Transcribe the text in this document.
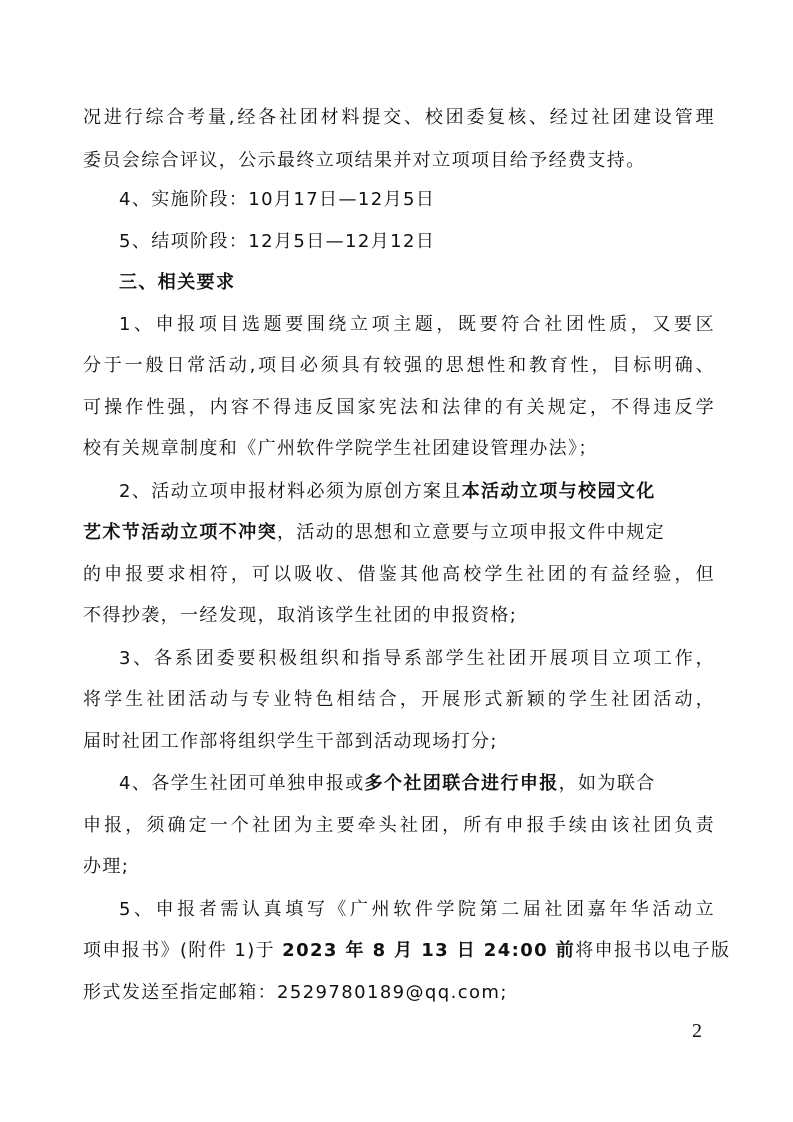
况进行综合考量,经各社团材料提交、校团委复核、经过社团建设管理
委员会综合评议，公示最终立项结果并对立项项目给予经费支持。
4、实施阶段：10月17日—12月5日
5、结项阶段：12月5日—12月12日
三、相关要求
1、申报项目选题要围绕立项主题，既要符合社团性质，又要区
分于一般日常活动,项目必须具有较强的思想性和教育性，目标明确、
可操作性强，内容不得违反国家宪法和法律的有关规定，不得违反学
校有关规章制度和《广州软件学院学生社团建设管理办法》；
2、活动立项申报材料必须为原创方案且本活动立项与校园文化
艺术节活动立项不冲突，活动的思想和立意要与立项申报文件中规定
的申报要求相符，可以吸收、借鉴其他高校学生社团的有益经验，但
不得抄袭，一经发现，取消该学生社团的申报资格;
3、各系团委要积极组织和指导系部学生社团开展项目立项工作，
将学生社团活动与专业特色相结合，开展形式新颖的学生社团活动，
届时社团工作部将组织学生干部到活动现场打分;
4、各学生社团可单独申报或多个社团联合进行申报，如为联合
申报，须确定一个社团为主要牵头社团，所有申报手续由该社团负责
办理;
5、申报者需认真填写《广州软件学院第二届社团嘉年华活动立
项申报书》(附件 1)于 2023 年 8 月 13 日 24:00 前将申报书以电子版
形式发送至指定邮箱：2529780189@qq.com;
2
